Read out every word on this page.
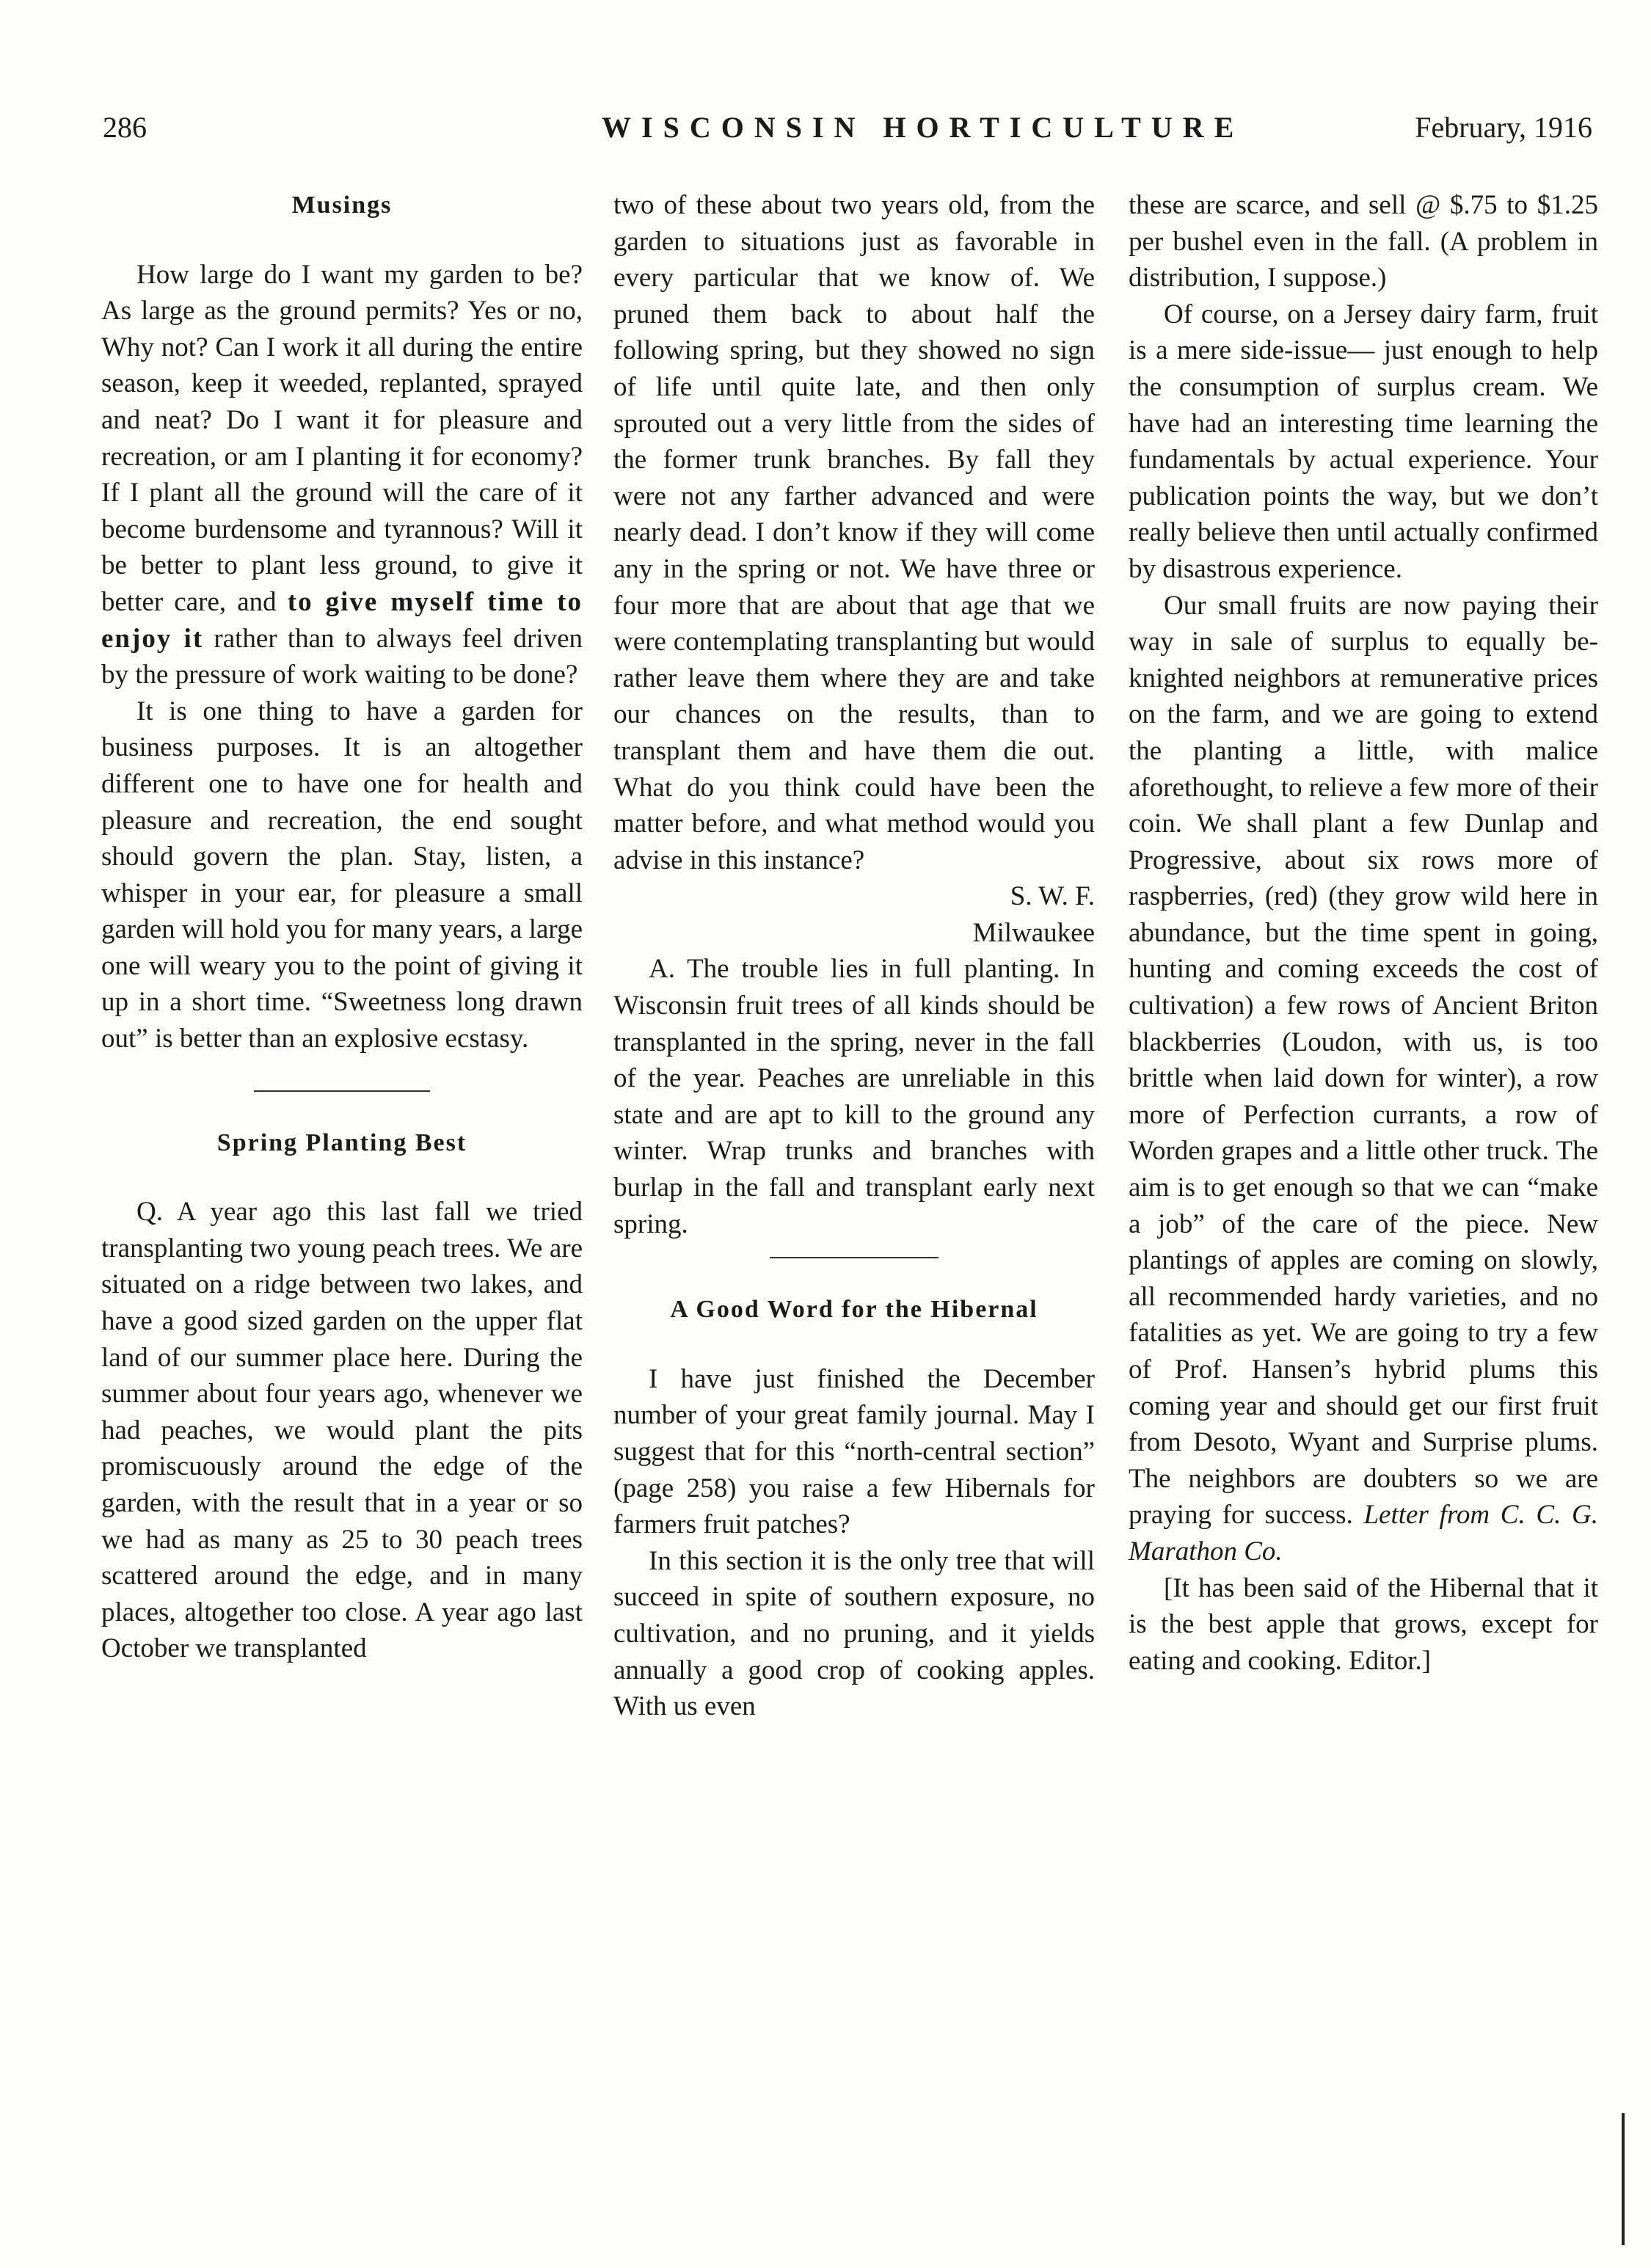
286	WISCONSIN HORTICULTURE	February, 1916
Musings

How large do I want my garden to be? As large as the ground permits? Yes or no, Why not? Can I work it all during the entire season, keep it weeded, replanted, sprayed and neat? Do I want it for pleasure and recreation, or am I planting it for economy? If I plant all the ground will the care of it become burdensome and tyrannous? Will it be better to plant less ground, to give it better care, and to give myself time to enjoy it rather than to always feel driven by the pressure of work waiting to be done?

It is one thing to have a garden for business purposes. It is an altogether different one to have one for health and pleasure and recreation, the end sought should govern the plan. Stay, listen, a whisper in your ear, for pleasure a small garden will hold you for many years, a large one will weary you to the point of giving it up in a short time. “Sweetness long drawn out” is better than an explosive ecstasy.

Spring Planting Best

Q. A year ago this last fall we tried transplanting two young peach trees. We are situated on a ridge between two lakes, and have a good sized garden on the upper flat land of our summer place here. During the summer about four years ago, whenever we had peaches, we would plant the pits promiscuously around the edge of the garden, with the result that in a year or so we had as many as 25 to 30 peach trees scattered around the edge, and in many places, altogether too close. A year ago last October we transplanted

two of these about two years old, from the garden to situations just as favorable in every particular that we know of. We pruned them back to about half the following spring, but they showed no sign of life until quite late, and then only sprouted out a very little from the sides of the former trunk branches. By fall they were not any farther advanced and were nearly dead. I don’t know if they will come any in the spring or not. We have three or four more that are about that age that we were contemplating transplanting but would rather leave them where they are and take our chances on the results, than to transplant them and have them die out. What do you think could have been the matter before, and what method would you advise in this instance?

S. W. F.

Milwaukee

A. The trouble lies in full planting. In Wisconsin fruit trees of all kinds should be transplanted in the spring, never in the fall of the year. Peaches are unreliable in this state and are apt to kill to the ground any winter. Wrap trunks and branches with burlap in the fall and transplant early next spring.

A Good Word for the Hibernal

I have just finished the December number of your great family journal. May I suggest that for this “north-central section” (page 258) you raise a few Hibernals for farmers fruit patches?

In this section it is the only tree that will succeed in spite of southern exposure, no cultivation, and no pruning, and it yields annually a good crop of cooking apples. With us even

these are scarce, and sell @ $.75 to $1.25 per bushel even in the fall. (A problem in distribution, I suppose.)

Of course, on a Jersey dairy farm, fruit is a mere side-issue— just enough to help the consumption of surplus cream. We have had an interesting time learning the fundamentals by actual experience. Your publication points the way, but we don’t really believe then until actually confirmed by disastrous experience.

Our small fruits are now paying their way in sale of surplus to equally be-knighted neighbors at remunerative prices on the farm, and we are going to extend the planting a little, with malice aforethought, to relieve a few more of their coin. We shall plant a few Dunlap and Progressive, about six rows more of raspberries, (red) (they grow wild here in abundance, but the time spent in going, hunting and coming exceeds the cost of cultivation) a few rows of Ancient Briton blackberries (Loudon, with us, is too brittle when laid down for winter), a row more of Perfection currants, a row of Worden grapes and a little other truck. The aim is to get enough so that we can “make a job” of the care of the piece. New plantings of apples are coming on slowly, all recommended hardy varieties, and no fatalities as yet. We are going to try a few of Prof. Hansen’s hybrid plums this coming year and should get our first fruit from Desoto, Wyant and Surprise plums. The neighbors are doubters so we are praying for success. Letter from C. C. G. Marathon Co.

[It has been said of the Hibernal that it is the best apple that grows, except for eating and cooking. Editor.]
